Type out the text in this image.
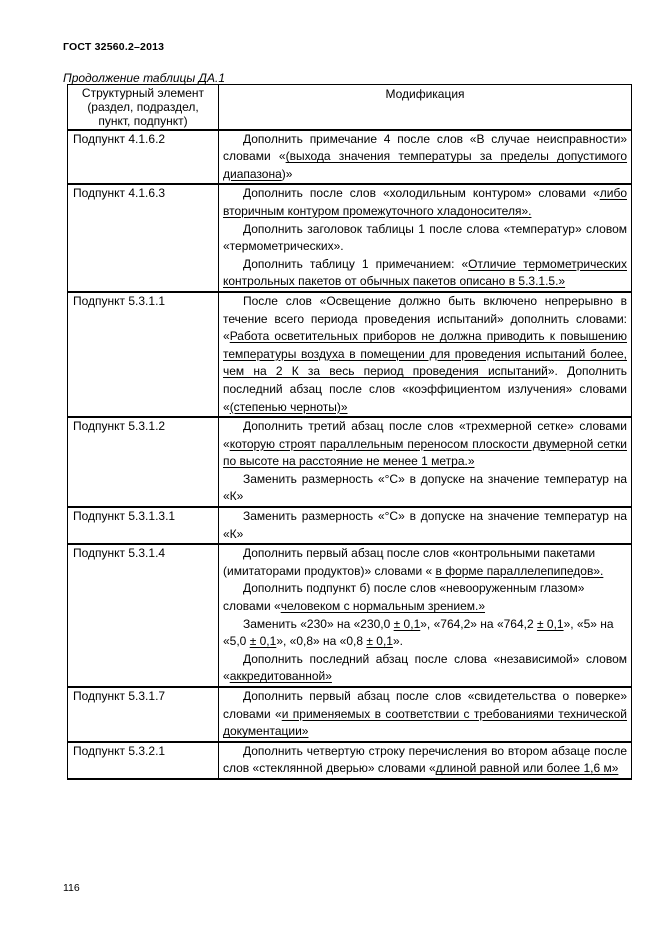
ГОСТ 32560.2–2013
Продолжение таблицы ДА.1
Структурный элемент (раздел, подраздел, пункт, подпункт)	Модификация
Подпункт 4.1.6.2	Дополнить примечание 4 после слов «В случае неисправности» словами «(выхода значения температуры за пределы допустимого диапазона)»

Подпункт 4.1.6.3	Дополнить после слов «холодильным контуром» словами «либо вторичным контуром промежуточного хладоносителя».

Дополнить заголовок таблицы 1 после слова «температур» словом «термометрических».

Дополнить таблицу 1 примечанием: «Отличие термометрических контрольных пакетов от обычных пакетов описано в 5.3.1.5.»

Подпункт 5.3.1.1	После слов «Освещение должно быть включено непрерывно в течение всего периода проведения испытаний» дополнить словами: «Работа осветительных приборов не должна приводить к повышению температуры воздуха в помещении для проведения испытаний более, чем на 2 К за весь период проведения испытаний». Дополнить последний абзац после слов «коэффициентом излучения» словами «(степенью черноты)»

Подпункт 5.3.1.2	Дополнить третий абзац после слов «трехмерной сетке» словами «которую строят параллельным переносом плоскости двумерной сетки по высоте на расстояние не менее 1 метра.»

Заменить размерность «°С» в допуске на значение температур на «К»

Подпункт 5.3.1.3.1	Заменить размерность «°С» в допуске на значение температур на «К»

Подпункт 5.3.1.4	Дополнить первый абзац после слов «контрольными пакетами (имитаторами продуктов)» словами « в форме параллелепипедов».

Дополнить подпункт б) после слов «невооруженным глазом» словами «человеком с нормальным зрением.»

Заменить «230» на «230,0 ± 0,1», «764,2» на «764,2 ± 0,1», «5» на «5,0 ± 0,1», «0,8» на «0,8 ± 0,1».

Дополнить последний абзац после слова «независимой» словом «аккредитованной»

Подпункт 5.3.1.7	Дополнить первый абзац после слов «свидетельства о поверке» словами «и применяемых в соответствии с требованиями технической документации»

Подпункт 5.3.2.1	Дополнить четвертую строку перечисления во втором абзаце после слов «стеклянной дверью» словами «длиной равной или более 1,6 м»

116
